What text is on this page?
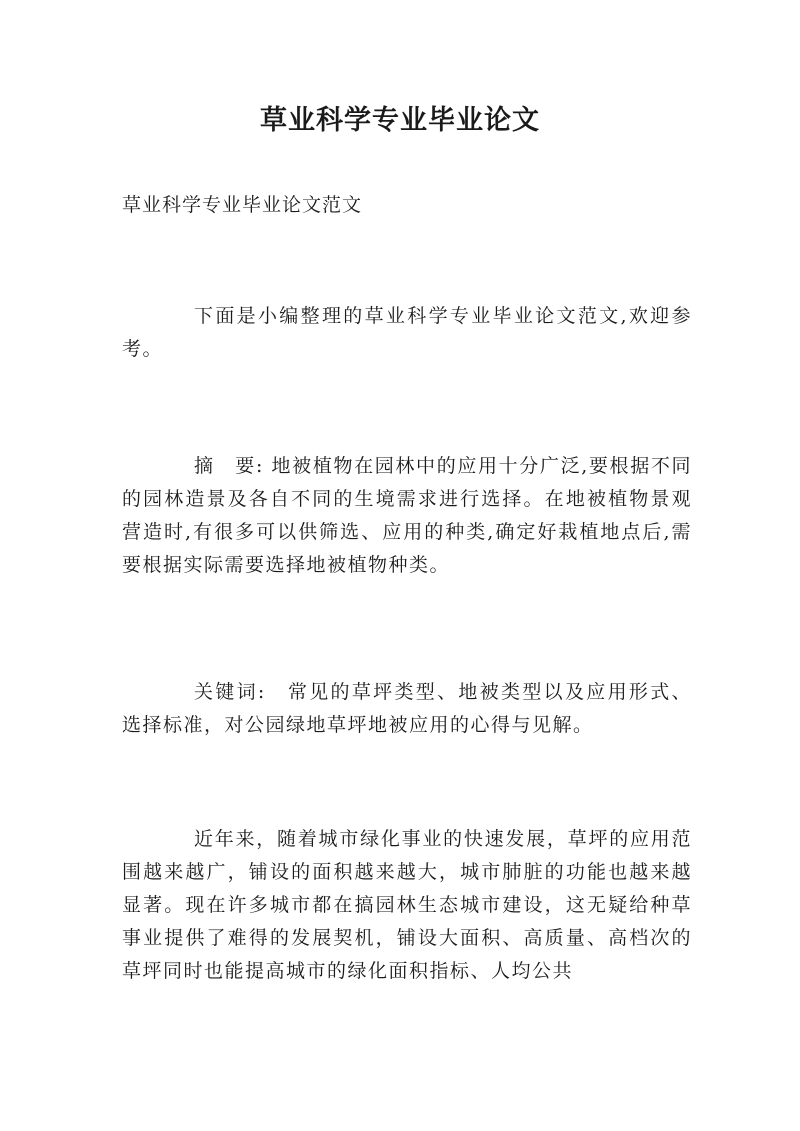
草业科学专业毕业论文

草业科学专业毕业论文范文

下面是小编整理的草业科学专业毕业论文范文,欢迎参考。

摘　要: 地被植物在园林中的应用十分广泛,要根据不同的园林造景及各自不同的生境需求进行选择。在地被植物景观营造时,有很多可以供筛选、应用的种类,确定好栽植地点后,需要根据实际需要选择地被植物种类。

关键词:　常见的草坪类型、地被类型以及应用形式、选择标准，对公园绿地草坪地被应用的心得与见解。

近年来，随着城市绿化事业的快速发展，草坪的应用范围越来越广，铺设的面积越来越大，城市肺脏的功能也越来越显著。现在许多城市都在搞园林生态城市建设，这无疑给种草事业提供了难得的发展契机，铺设大面积、高质量、高档次的草坪同时也能提高城市的绿化面积指标、人均公共
